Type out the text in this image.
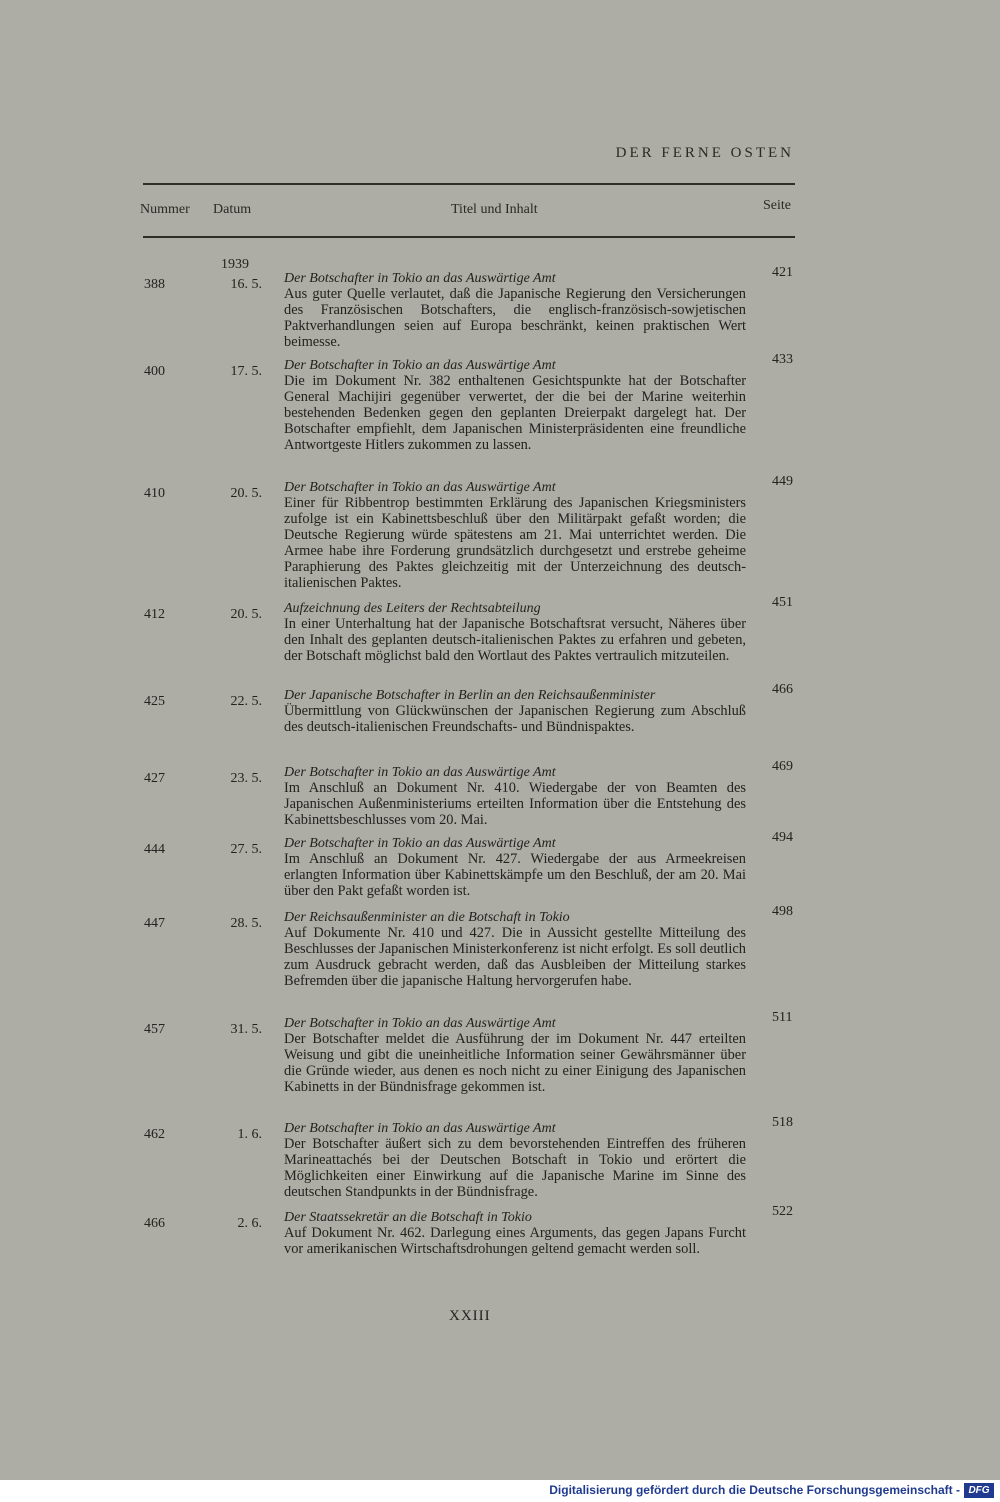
DER FERNE OSTEN
Nummer Datum	Titel und Inhalt	Seite
1939
388	16. 5. Der Botschafter in Tokio an das Auswärtige Amt
Aus guter Quelle verlautet, daß die Japanische Regierung den Versicherungen des Französischen Botschafters, die englisch-französisch-sowjetischen Paktverhandlungen seien auf Europa beschränkt, keinen praktischen Wert beimesse.
421
400	17. 5. Der Botschafter in Tokio an das Auswärtige Amt
Die im Dokument Nr. 382 enthaltenen Gesichtspunkte hat der Botschafter General Machijiri gegenüber verwertet, der die bei der Marine weiterhin bestehenden Bedenken gegen den geplanten Dreierpakt dargelegt hat. Der Botschafter empfiehlt, dem Japanischen Ministerpräsidenten eine freundliche Antwortgeste Hitlers zukommen zu lassen.
433
410	20. 5. Der Botschafter in Tokio an das Auswärtige Amt
Einer für Ribbentrop bestimmten Erklärung des Japanischen Kriegsministers zufolge ist ein Kabinettsbeschluß über den Militärpakt gefaßt worden; die Deutsche Regierung würde spätestens am 21. Mai unterrichtet werden. Die Armee habe ihre Forderung grundsätzlich durchgesetzt und erstrebe geheime Paraphierung des Paktes gleichzeitig mit der Unterzeichnung des deutsch-italienischen Paktes.
449
412	20. 5. Aufzeichnung des Leiters der Rechtsabteilung
In einer Unterhaltung hat der Japanische Botschaftsrat versucht, Näheres über den Inhalt des geplanten deutsch-italienischen Paktes zu erfahren und gebeten, der Botschaft möglichst bald den Wortlaut des Paktes vertraulich mitzuteilen.
451
425	22. 5. Der Japanische Botschafter in Berlin an den Reichsaußenminister
Übermittlung von Glückwünschen der Japanischen Regierung zum Abschluß des deutsch-italienischen Freundschafts- und Bündnispaktes.
466
427	23. 5. Der Botschafter in Tokio an das Auswärtige Amt
Im Anschluß an Dokument Nr. 410. Wiedergabe der von Beamten des Japanischen Außenministeriums erteilten Information über die Entstehung des Kabinettsbeschlusses vom 20. Mai.
469
444	27. 5. Der Botschafter in Tokio an das Auswärtige Amt
Im Anschluß an Dokument Nr. 427. Wiedergabe der aus Armeekreisen erlangten Information über Kabinettskämpfe um den Beschluß, der am 20. Mai über den Pakt gefaßt worden ist.
494
447	28. 5. Der Reichsaußenminister an die Botschaft in Tokio
Auf Dokumente Nr. 410 und 427. Die in Aussicht gestellte Mitteilung des Beschlusses der Japanischen Ministerkonferenz ist nicht erfolgt. Es soll deutlich zum Ausdruck gebracht werden, daß das Ausbleiben der Mitteilung starkes Befremden über die japanische Haltung hervorgerufen habe.
498
457	31. 5. Der Botschafter in Tokio an das Auswärtige Amt
Der Botschafter meldet die Ausführung der im Dokument Nr. 447 erteilten Weisung und gibt die uneinheitliche Information seiner Gewährsmänner über die Gründe wieder, aus denen es noch nicht zu einer Einigung des Japanischen Kabinetts in der Bündnisfrage gekommen ist.
511
462	1. 6. Der Botschafter in Tokio an das Auswärtige Amt
Der Botschafter äußert sich zu dem bevorstehenden Eintreffen des früheren Marineattachés bei der Deutschen Botschaft in Tokio und erörtert die Möglichkeiten einer Einwirkung auf die Japanische Marine im Sinne des deutschen Standpunkts in der Bündnisfrage.
518
466	2. 6. Der Staatssekretär an die Botschaft in Tokio
Auf Dokument Nr. 462. Darlegung eines Arguments, das gegen Japans Furcht vor amerikanischen Wirtschaftsdrohungen geltend gemacht werden soll.
522
XXIII
Digitalisierung gefördert durch die Deutsche Forschungsgemeinschaft - DFG
